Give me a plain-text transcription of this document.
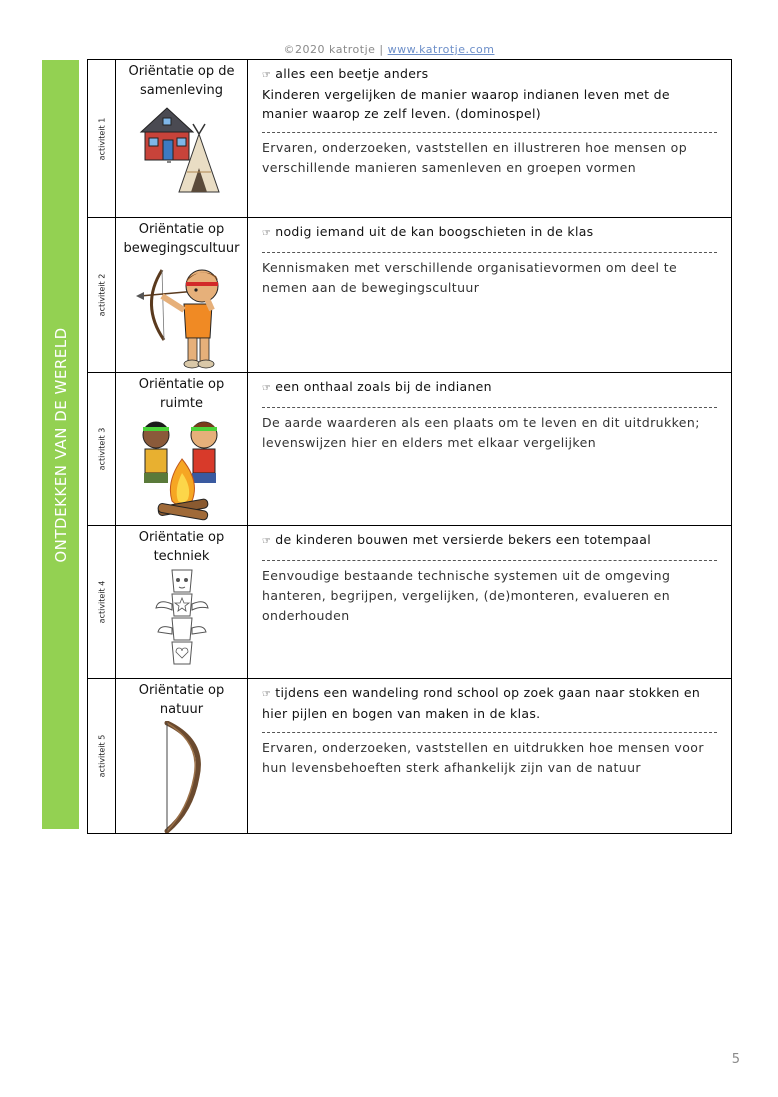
©2020 katrotje | www.katrotje.com
ONTDEKKEN VAN DE WERELD
activiteit 1	Oriëntatie op de samenleving	☞ alles een beetje anders
Kinderen vergelijken de manier waarop indianen leven met de manier waarop ze zelf leven. (dominospel)
Ervaren, onderzoeken, vaststellen en illustreren hoe mensen op verschillende manieren samenleven en groepen vormen

activiteit 2	Oriëntatie op bewegingscultuur	☞ nodig iemand uit de kan boogschieten in de klas
Kennismaken met verschillende organisatievormen om deel te nemen aan de bewegingscultuur

activiteit 3	Oriëntatie op ruimte	☞ een onthaal zoals bij de indianen
De aarde waarderen als een plaats om te leven en dit uitdrukken; levenswijzen hier en elders met elkaar vergelijken

activiteit 4	Oriëntatie op techniek	☞ de kinderen bouwen met versierde bekers een totempaal
Eenvoudige bestaande technische systemen uit de omgeving hanteren, begrijpen, vergelijken, (de)monteren, evalueren en onderhouden

activiteit 5	Oriëntatie op natuur	☞ tijdens een wandeling rond school op zoek gaan naar stokken en hier pijlen en bogen van maken in de klas.
Ervaren, onderzoeken, vaststellen en uitdrukken hoe mensen voor hun levensbehoeften sterk afhankelijk zijn van de natuur
5
